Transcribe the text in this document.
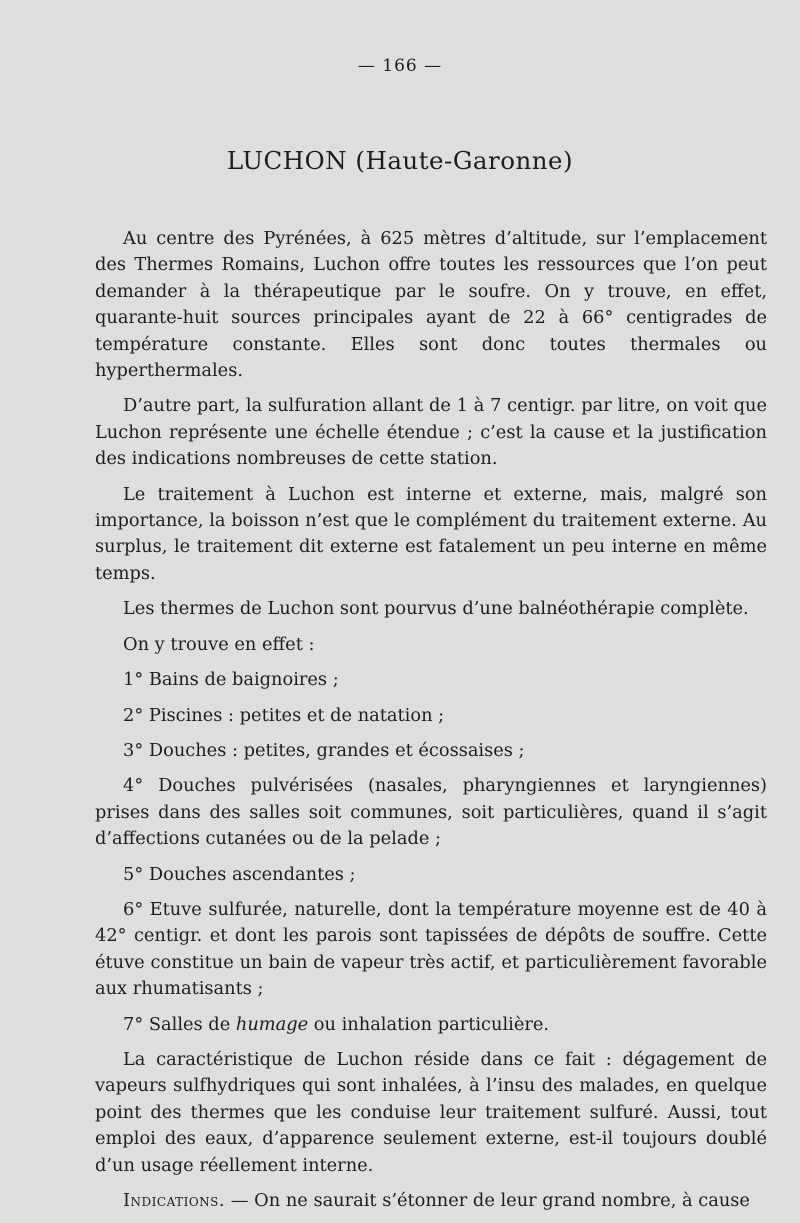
— 166 —
LUCHON (Haute-Garonne)

Au centre des Pyrénées, à 625 mètres d’altitude, sur l’emplacement des Thermes Romains, Luchon offre toutes les ressources que l’on peut demander à la thérapeutique par le soufre. On y trouve, en effet, quarante-huit sources principales ayant de 22 à 66° centigrades de température constante. Elles sont donc toutes thermales ou hyperthermales.

D’autre part, la sulfuration allant de 1 à 7 centigr. par litre, on voit que Luchon représente une échelle étendue ; c’est la cause et la justification des indications nombreuses de cette station.

Le traitement à Luchon est interne et externe, mais, malgré son importance, la boisson n’est que le complément du traitement externe. Au surplus, le traitement dit externe est fatalement un peu interne en même temps.

Les thermes de Luchon sont pourvus d’une balnéothérapie complète.

On y trouve en effet :

1° Bains de baignoires ;

2° Piscines : petites et de natation ;

3° Douches : petites, grandes et écossaises ;

4° Douches pulvérisées (nasales, pharyngiennes et laryngiennes) prises dans des salles soit communes, soit particulières, quand il s’agit d’affections cutanées ou de la pelade ;

5° Douches ascendantes ;

6° Etuve sulfurée, naturelle, dont la température moyenne est de 40 à 42° centigr. et dont les parois sont tapissées de dépôts de souffre. Cette étuve constitue un bain de vapeur très actif, et particulièrement favorable aux rhumatisants ;

7° Salles de humage ou inhalation particulière.

La caractéristique de Luchon réside dans ce fait : dégagement de vapeurs sulfhydriques qui sont inhalées, à l’insu des malades, en quelque point des thermes que les conduise leur traitement sulfuré. Aussi, tout emploi des eaux, d’apparence seulement externe, est-il toujours doublé d’un usage réellement interne.

Indications. — On ne saurait s’étonner de leur grand nombre, à cause
